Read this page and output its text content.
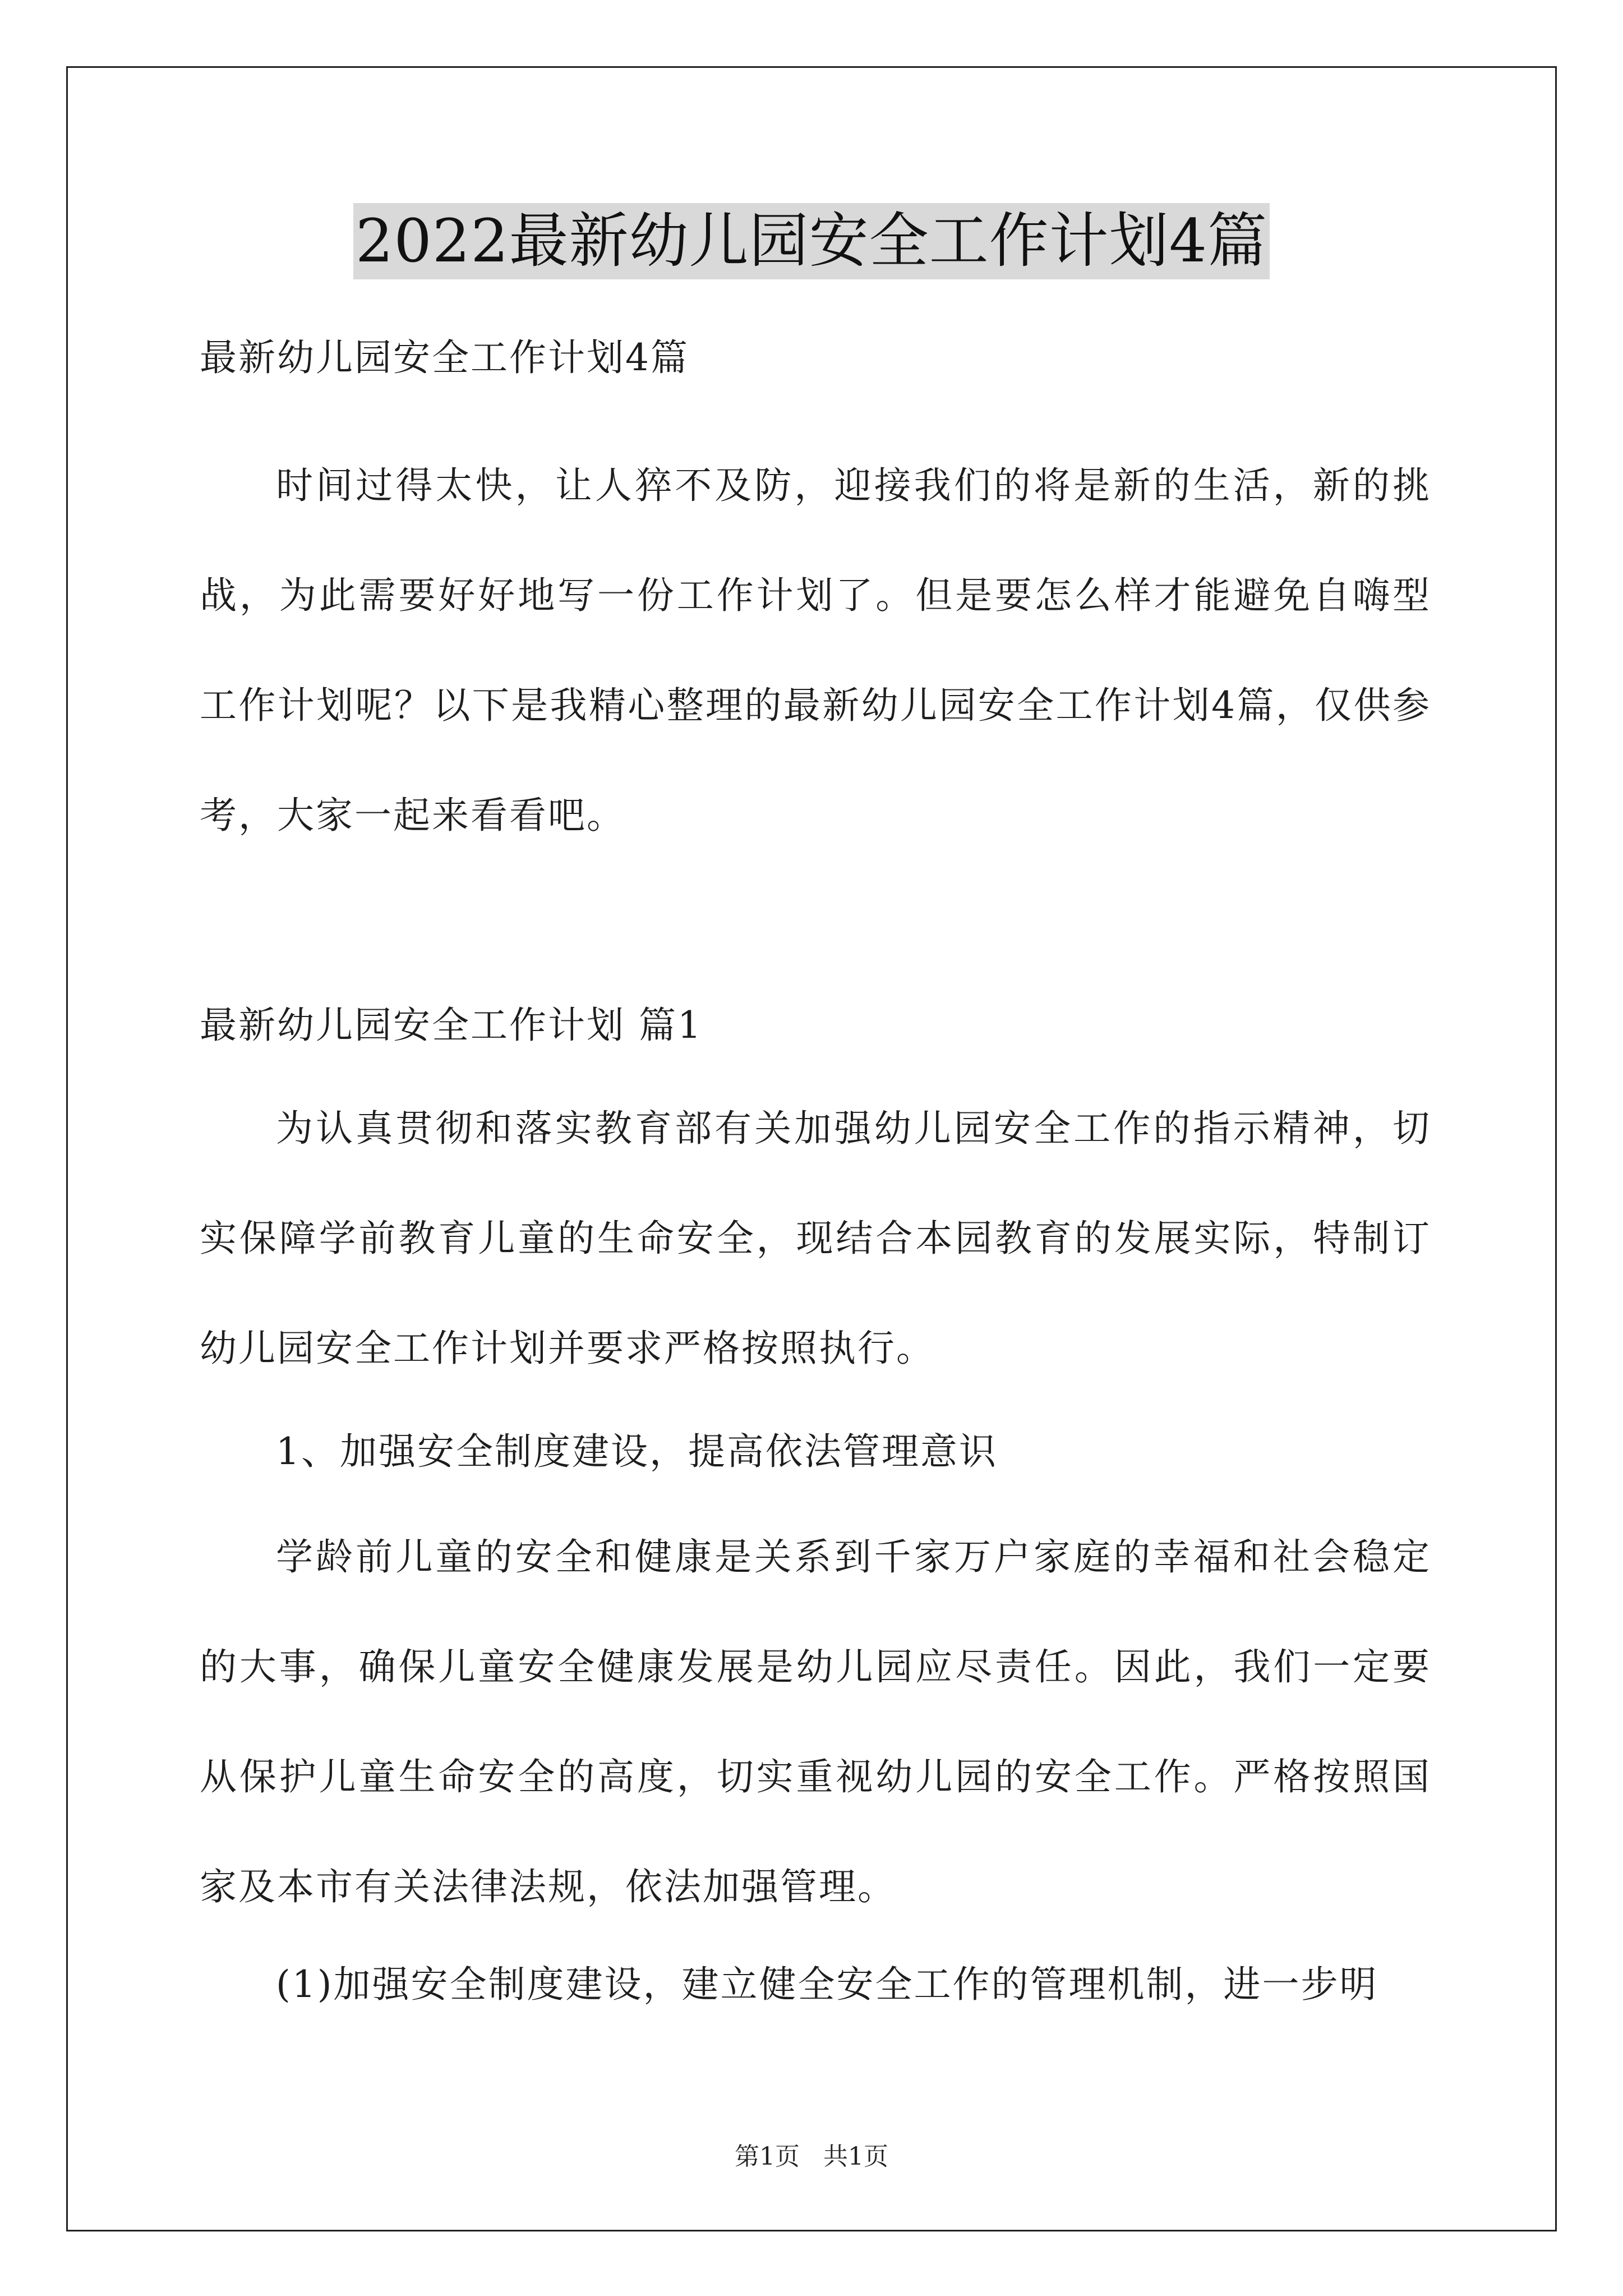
2022最新幼儿园安全工作计划4篇

最新幼儿园安全工作计划4篇

时间过得太快，让人猝不及防，迎接我们的将是新的生活，新的挑战，为此需要好好地写一份工作计划了。但是要怎么样才能避免自嗨型工作计划呢？以下是我精心整理的最新幼儿园安全工作计划4篇，仅供参考，大家一起来看看吧。

最新幼儿园安全工作计划 篇1

为认真贯彻和落实教育部有关加强幼儿园安全工作的指示精神，切实保障学前教育儿童的生命安全，现结合本园教育的发展实际，特制订幼儿园安全工作计划并要求严格按照执行。

1、加强安全制度建设，提高依法管理意识

学龄前儿童的安全和健康是关系到千家万户家庭的幸福和社会稳定的大事，确保儿童安全健康发展是幼儿园应尽责任。因此，我们一定要从保护儿童生命安全的高度，切实重视幼儿园的安全工作。严格按照国家及本市有关法律法规，依法加强管理。

(1)加强安全制度建设，建立健全安全工作的管理机制，进一步明

第1页 共1页
